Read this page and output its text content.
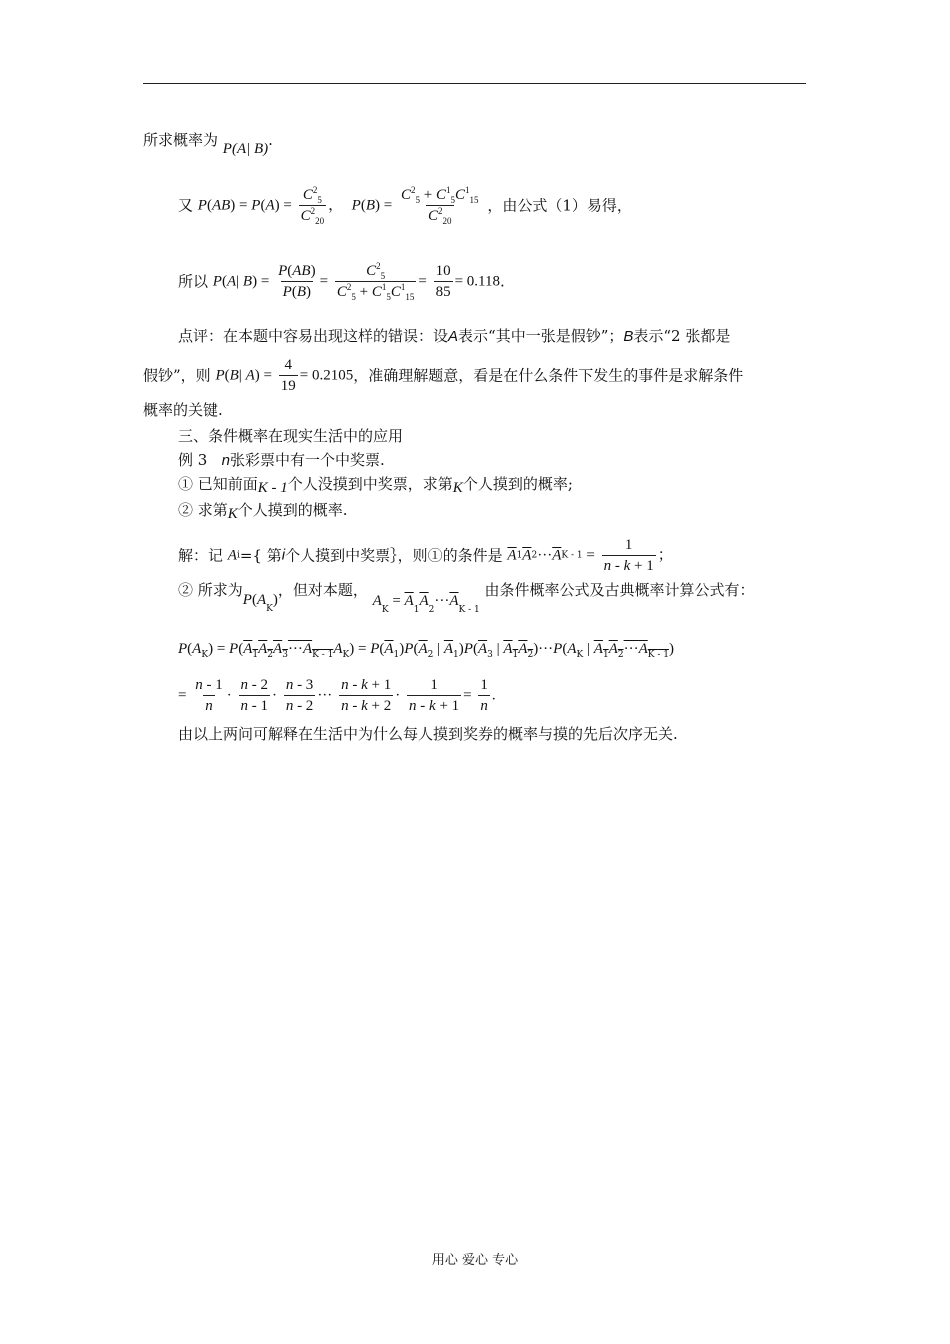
所求概率为 P(A| B).
又 $P(AB) = P(A) = \frac{C^2_5}{C^2_{20}}$ ，  $P(B) = \frac{C^2_5 + C^1_5C^1_{15}}{C^2_{20}}$ ，由公式（1）易得，
所以 P(A| $B) = \frac{P(AB)}{P(B)} = \frac{C^2_5}{C^2_5 + C^1_5C^1_{15}} = \frac{10}{85} = 0.118$.
点评：在本题中容易出现这样的错误：设A表示“其中一张是假钞”；B表示“2 张都是
假钞”，则 P(B| $A) = \frac{4}{19} = 0.2105$，准确理解题意，看是在什么条件下发生的事件是求解条件
概率的关键.
三、条件概率在现实生活中的应用
例 3 n张彩票中有一个中奖票.
① 已知前面K - 1个人没摸到中奖票，求第K个人摸到的概率;
② 求第K个人摸到的概率.
解：记 Ai={ 第i个人摸到中奖票｝，则①的条件是 $\overline{A}1\overline{A}2\cdot\cdot\cdot\overline{A}K - 1 = \frac{1}{n - k + 1}$ ；
② 所求为$P(A_K)$，但对本题， $A_K = \overline{A}_1\overline{A}_2\cdot\cdot\cdot\overline{A}_{K - 1}$ 由条件概率公式及古典概率计算公式有：
$P(A_K) = P(A_1A_2A_3\cdot\cdot\cdot A_{K - 1}A_K) = P(\overline{A}_1)P(\overline{A}_2$ | $\overline{A}_1)P(\overline{A}_3$ | $A_1A_2)\cdot\cdot\cdot P(A_K$ | $A_1A_2\cdot\cdot\cdot A_{K - 1}$)
= $\frac{n - 1}{n} \cdot \frac{n - 2}{n - 1} \cdot \frac{n - 3}{n - 2}$ ··· $\frac{n - k + 1}{n - k + 2} \cdot \frac{1}{n - k + 1} = \frac{1}{n}$ .
由以上两问可解释在生活中为什么每人摸到奖券的概率与摸的先后次序无关.
用心 爱心 专心
